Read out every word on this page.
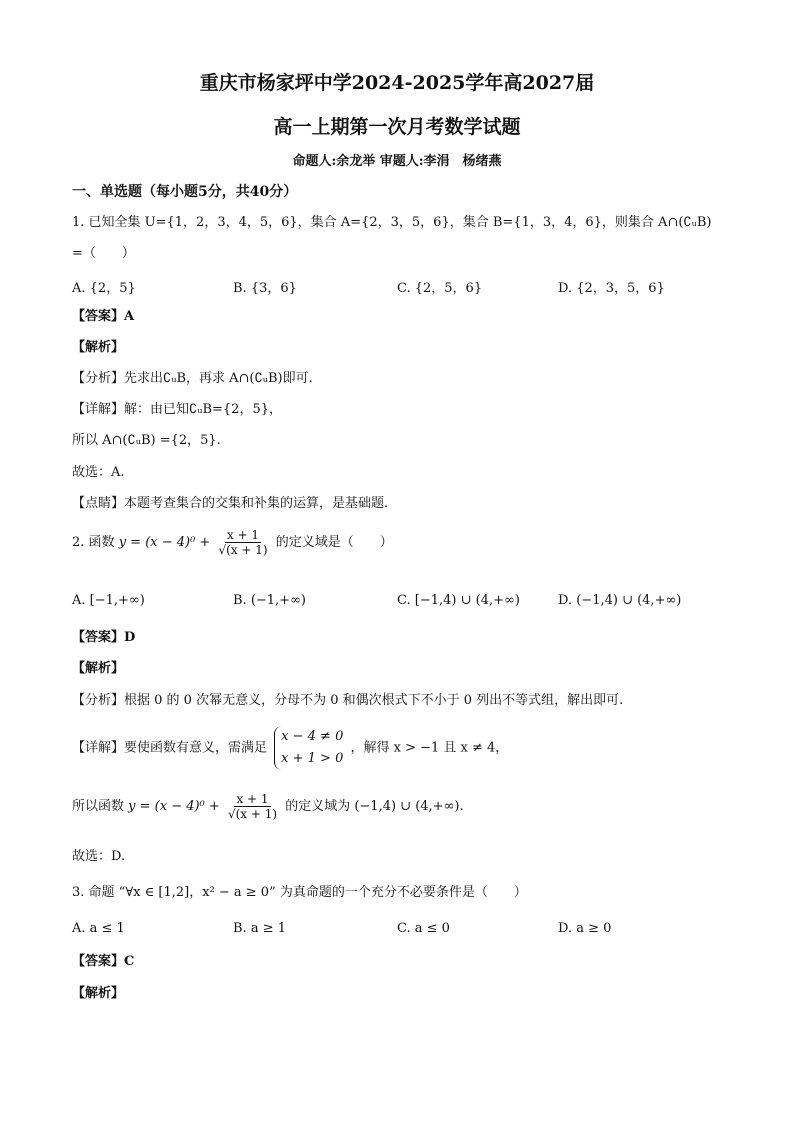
重庆市杨家坪中学2024-2025学年高2027届
高一上期第一次月考数学试题
命题人:余龙举 审题人:李涓　杨绪燕
一、单选题（每小题5分，共40分）
1. 已知全集 U={1，2，3，4，5，6}，集合 A={2，3，5，6}，集合 B={1，3，4，6}，则集合 A∩(∁ᵤB)
=（　　）
A. {2，5}	B. {3，6}	C. {2，5，6}	D. {2，3，5，6}
【答案】A
【解析】
【分析】先求出∁ᵤB，再求 A∩(∁ᵤB)即可.
【详解】解：由已知∁ᵤB={2，5}，
所以 A∩(∁ᵤB) ={2，5}.
故选：A.
【点睛】本题考查集合的交集和补集的运算，是基础题.
2. 函数 $y = (x - 4)^0 + \frac{x + 1}{√(x + 1)}$ 的定义域是（　　）
A. [−1,+∞)	B. (−1,+∞)	C. [−1,4) ∪ (4,+∞)	D. (−1,4) ∪ (4,+∞)
【答案】D
【解析】
【分析】根据 0 的 0 次幂无意义，分母不为 0 和偶次根式下不小于 0 列出不等式组，解出即可.
【详解】要使函数有意义，需满足
x − 4 ≠ 0
x + 1 > 0
，解得 x > −1 且 x ≠ 4，
所以函数 $y = (x - 4)^0 + \frac{x + 1}{√(x + 1)}$ 的定义域为 (−1,4) ∪ (4,+∞).
故选：D.
3. 命题 “∀x ∈ [1,2]，x² − a ≥ 0” 为真命题的一个充分不必要条件是（　　）
A. a ≤ 1	B. a ≥ 1	C. a ≤ 0	D. a ≥ 0
【答案】C
【解析】
